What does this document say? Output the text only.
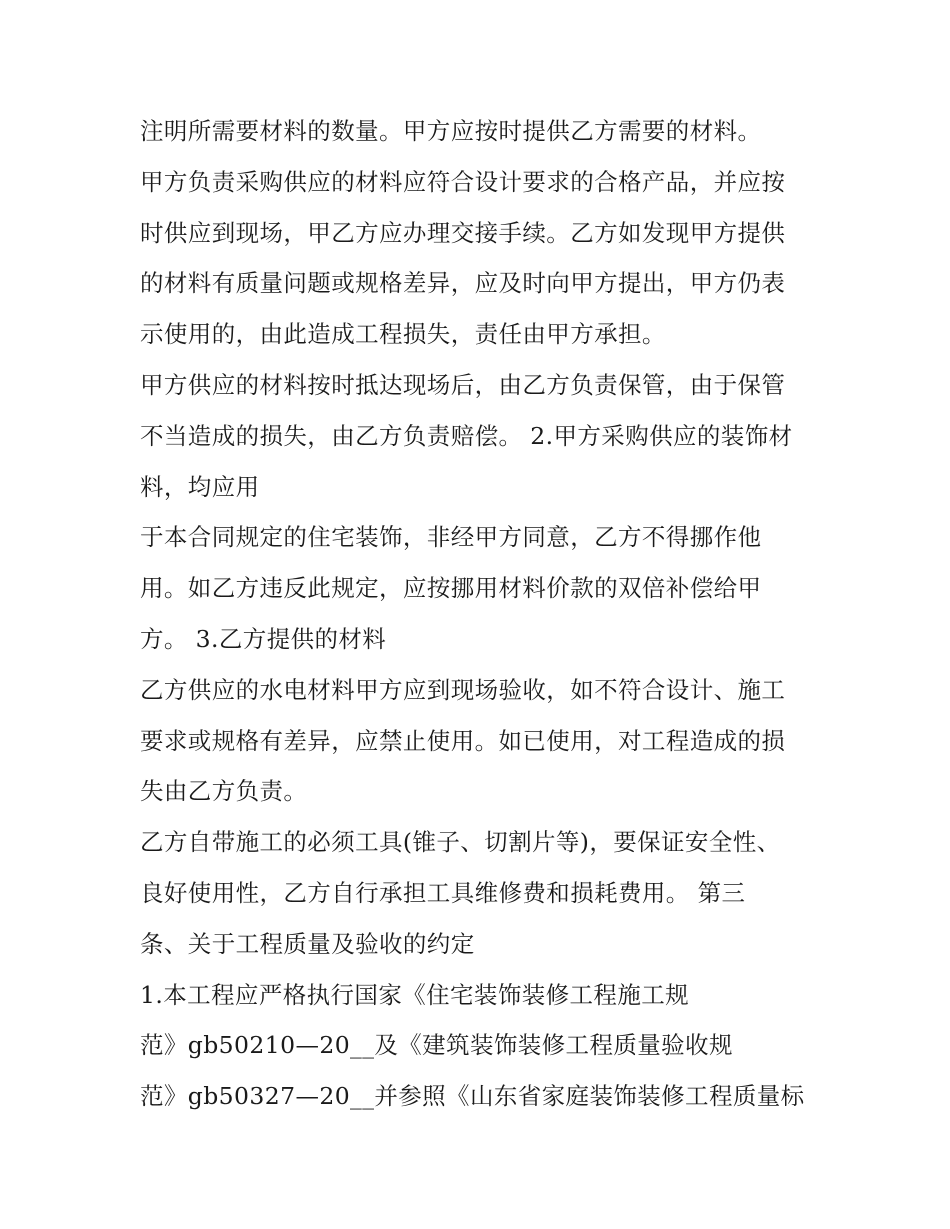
注明所需要材料的数量。甲方应按时提供乙方需要的材料。
甲方负责采购供应的材料应符合设计要求的合格产品，并应按
时供应到现场，甲乙方应办理交接手续。乙方如发现甲方提供
的材料有质量问题或规格差异，应及时向甲方提出，甲方仍表
示使用的，由此造成工程损失，责任由甲方承担。
甲方供应的材料按时抵达现场后，由乙方负责保管，由于保管
不当造成的损失，由乙方负责赔偿。 2.甲方采购供应的装饰材
料，均应用
于本合同规定的住宅装饰，非经甲方同意，乙方不得挪作他
用。如乙方违反此规定，应按挪用材料价款的双倍补偿给甲
方。 3.乙方提供的材料
乙方供应的水电材料甲方应到现场验收，如不符合设计、施工
要求或规格有差异，应禁止使用。如已使用，对工程造成的损
失由乙方负责。
乙方自带施工的必须工具(锥子、切割片等)，要保证安全性、
良好使用性，乙方自行承担工具维修费和损耗费用。 第三
条、关于工程质量及验收的约定
1.本工程应严格执行国家《住宅装饰装修工程施工规
范》gb50210—20__及《建筑装饰装修工程质量验收规
范》gb50327—20__并参照《山东省家庭装饰装修工程质量标
